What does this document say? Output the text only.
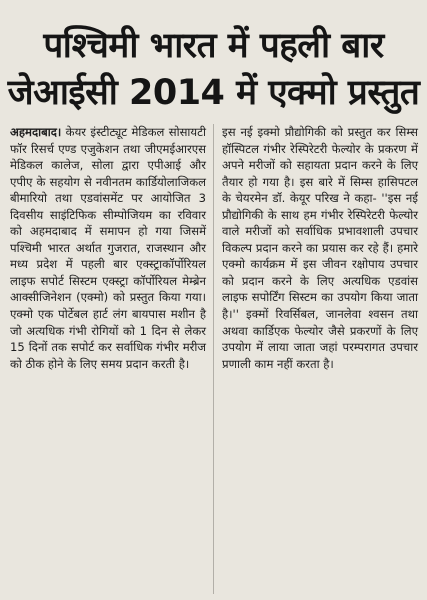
पश्चिमी भारत में पहली बार
जेआईसी 2014 में एक्मो प्रस्तुत

अहमदाबाद। केयर इंस्टीट्यूट मेडिकल सोसायटी फॉर रिसर्च एण्ड एजुकेशन तथा जीएमईआरएस मेडिकल कालेज, सोला द्वारा एपीआई और एपीए के सहयोग से नवीनतम कार्डियोलाजिकल बीमारियो तथा एडवांसमेंट पर आयोजित 3 दिवसीय साइंटिफिक सीम्पोजियम का रविवार को अहमदाबाद में समापन हो गया जिसमें पश्चिमी भारत अर्थात गुजरात, राजस्थान और मध्य प्रदेश में पहली बार एक्स्ट्राकॉर्पोरियल लाइफ सपोर्ट सिस्टम एक्स्ट्रा कॉर्पोरियल मेम्ब्रेन आक्सीजिनेशन (एक्मो) को प्रस्तुत किया गया। एक्मो एक पोर्टेबल हार्ट लंग बायपास मशीन है जो अत्यधिक गंभी रोगियों को 1 दिन से लेकर 15 दिनों तक सपोर्ट कर सर्वाधिक गंभीर मरीज को ठीक होने के लिए समय प्रदान करती है।

इस नई इक्मो प्रौद्योगिकी को प्रस्तुत कर सिम्स हॉस्पिटल गंभीर रेस्पिरेटरी फेल्योर के प्रकरण में अपने मरीजों को सहायता प्रदान करने के लिए तैयार हो गया है। इस बारे में सिम्स हासिपटल के चेयरमेन डॉ. केयूर परिख ने कहा- ''इस नई प्रौद्योगिकी के साथ हम गंभीर रेस्पिरेटरी फेल्योर वाले मरीजों को सर्वाधिक प्रभावशाली उपचार विकल्प प्रदान करने का प्रयास कर रहे हैं। हमारे एक्मो कार्यक्रम में इस जीवन रक्षोपाय उपचार को प्रदान करने के लिए अत्यधिक एडवांस लाइफ सपोर्टिंग सिस्टम का उपयोग किया जाता है।'' इक्मों रिवर्सिबल, जानलेवा श्वसन तथा अथवा कार्डिएक फेल्योर जैसे प्रकरणों के लिए उपयोग में लाया जाता जहां परम्परागत उपचार प्रणाली काम नहीं करता है।
